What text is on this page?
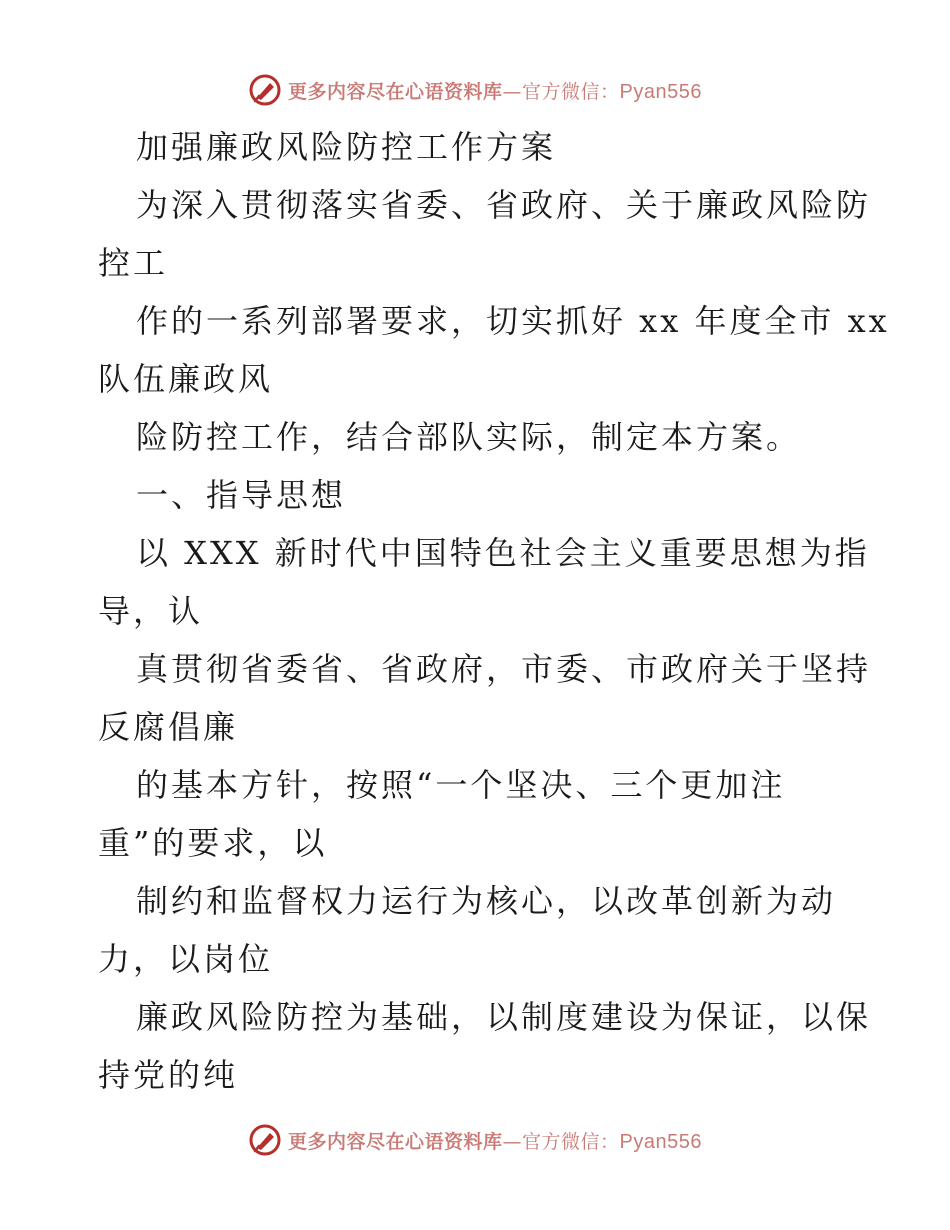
更多内容尽在心语资料库 — 官方微信： Pyan556
加强廉政风险防控工作方案
为深入贯彻落实省委、省政府、关于廉政风险防
控工
作的一系列部署要求，切实抓好 xx 年度全市 xx
队伍廉政风
险防控工作，结合部队实际，制定本方案。
一、指导思想
以 XXX 新时代中国特色社会主义重要思想为指
导，认
真贯彻省委省、省政府，市委、市政府关于坚持
反腐倡廉
的基本方针，按照“一个坚决、三个更加注
重”的要求，以
制约和监督权力运行为核心，以改革创新为动
力，以岗位
廉政风险防控为基础，以制度建设为保证，以保
持党的纯
更多内容尽在心语资料库 — 官方微信： Pyan556
